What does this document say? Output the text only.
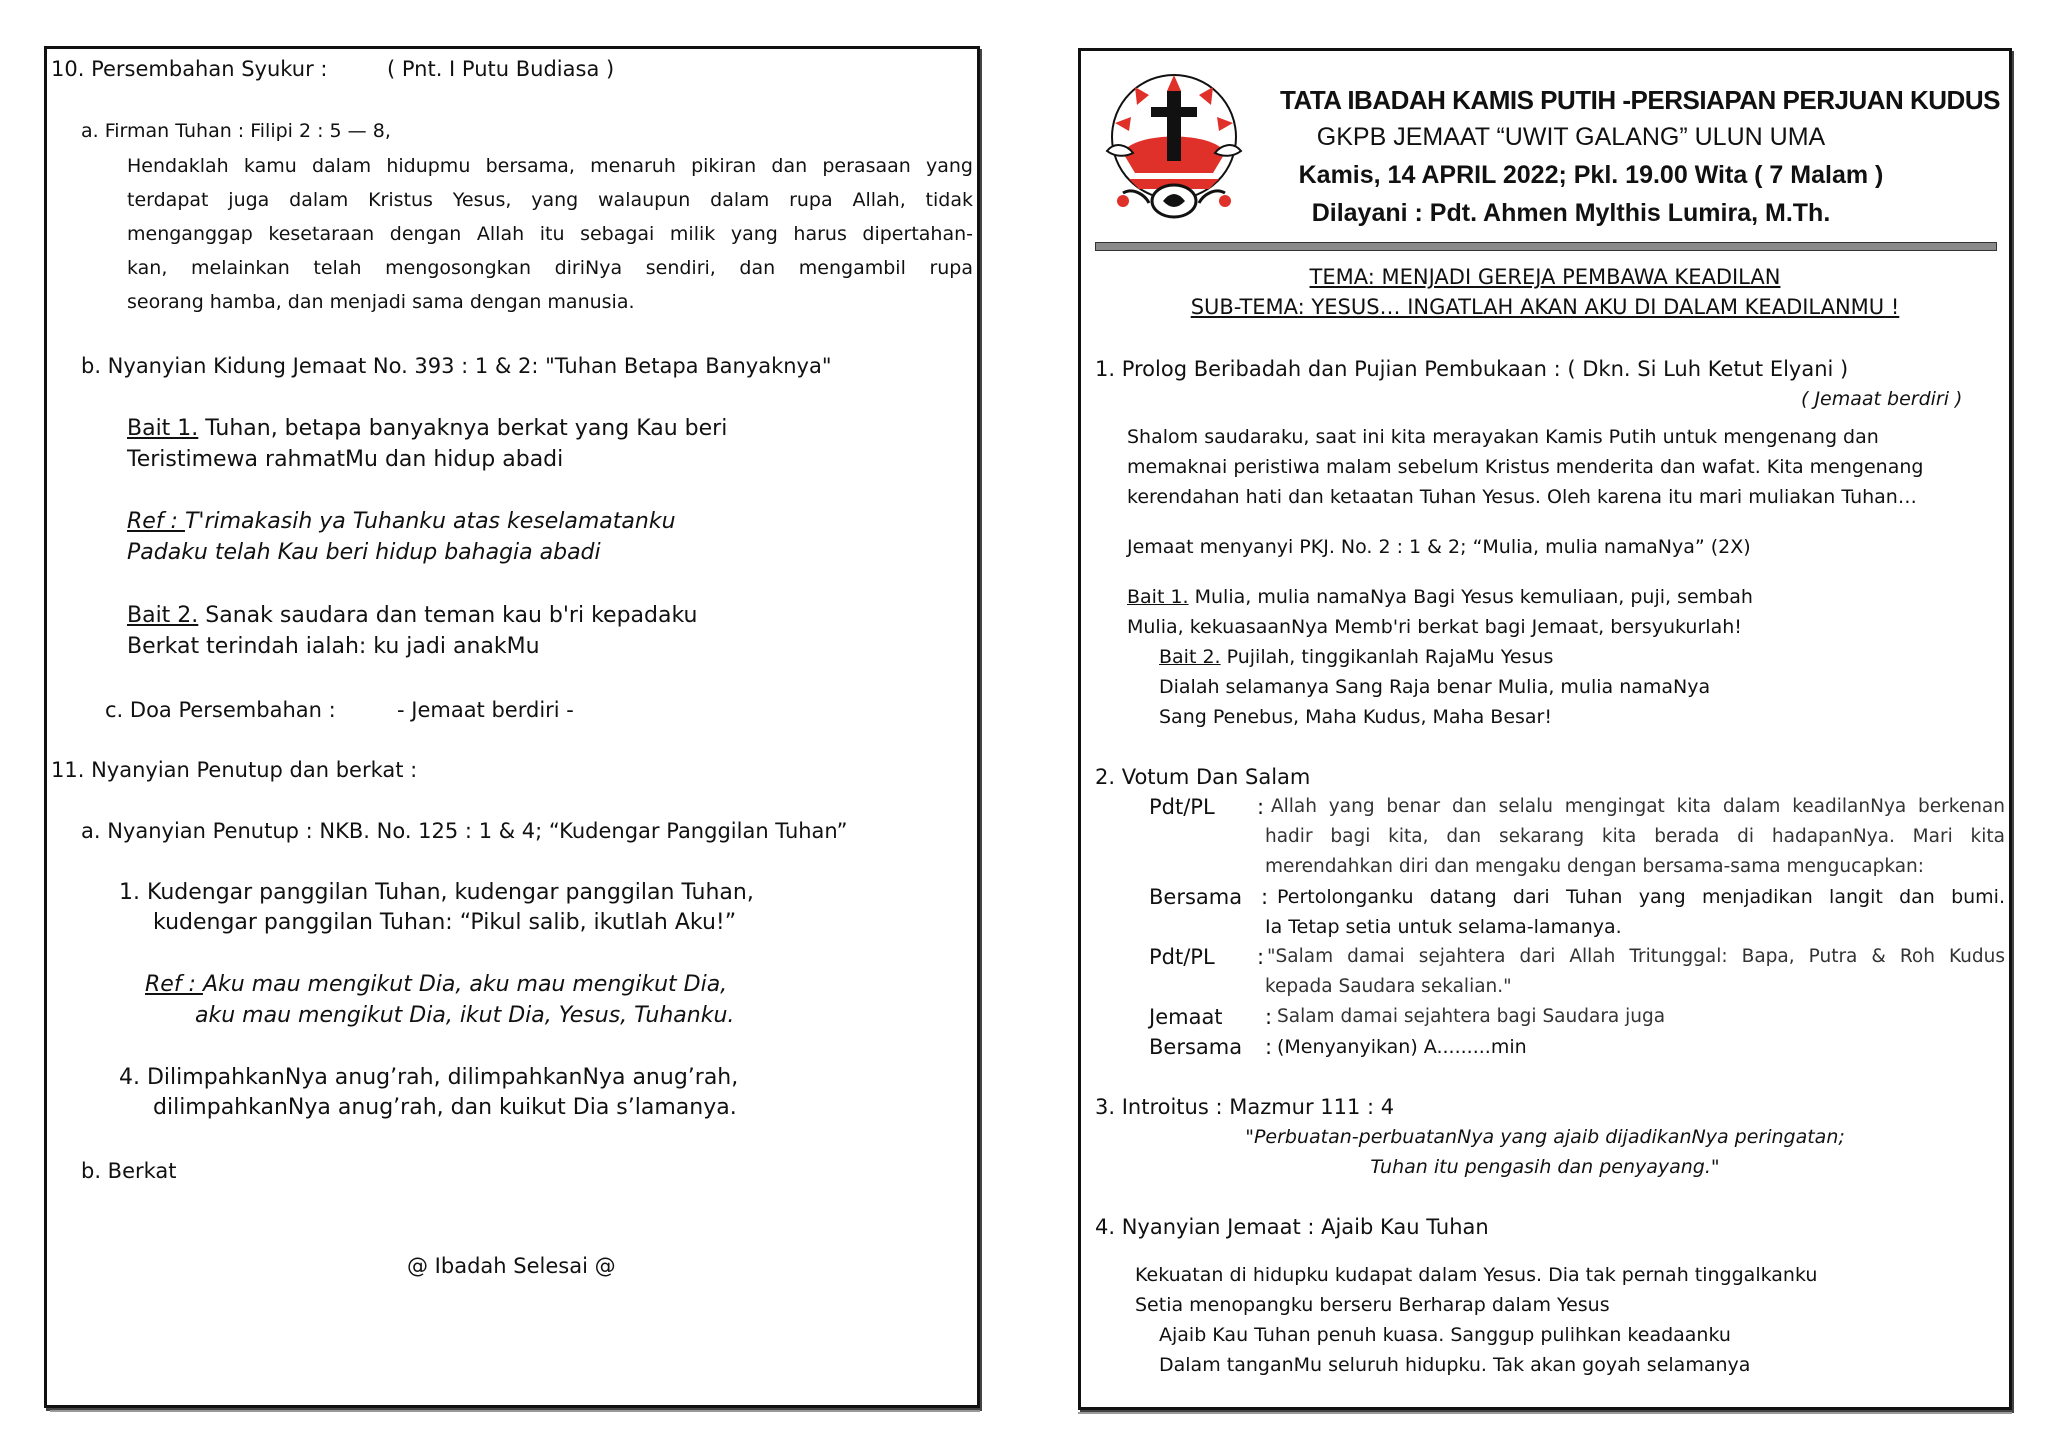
10. Persembahan Syukur :	( Pnt. I Putu Budiasa )
a. Firman Tuhan : Filipi 2 : 5 — 8,
Hendaklah kamu dalam hidupmu bersama, menaruh pikiran dan perasaan yang
terdapat juga dalam Kristus Yesus, yang walaupun dalam rupa Allah, tidak
menganggap kesetaraan dengan Allah itu sebagai milik yang harus dipertahan-
kan, melainkan telah mengosongkan diriNya sendiri, dan mengambil rupa
seorang hamba, dan menjadi sama dengan manusia.
b. Nyanyian Kidung Jemaat No. 393 : 1 & 2: "Tuhan Betapa Banyaknya"
Bait 1. Tuhan, betapa banyaknya berkat yang Kau beri
Teristimewa rahmatMu dan hidup abadi
Ref : T'rimakasih ya Tuhanku atas keselamatanku
Padaku telah Kau beri hidup bahagia abadi
Bait 2. Sanak saudara dan teman kau b'ri kepadaku
Berkat terindah ialah: ku jadi anakMu
c. Doa Persembahan :	- Jemaat berdiri -
11. Nyanyian Penutup dan berkat :
a. Nyanyian Penutup : NKB. No. 125 : 1 & 4; “Kudengar Panggilan Tuhan”
1. Kudengar panggilan Tuhan, kudengar panggilan Tuhan,
kudengar panggilan Tuhan: “Pikul salib, ikutlah Aku!”
Ref : Aku mau mengikut Dia, aku mau mengikut Dia,
aku mau mengikut Dia, ikut Dia, Yesus, Tuhanku.
4. DilimpahkanNya anug’rah, dilimpahkanNya anug’rah,
dilimpahkanNya anug’rah, dan kuikut Dia s’lamanya.
b. Berkat
@ Ibadah Selesai @
TATA IBADAH KAMIS PUTIH -PERSIAPAN PERJUAN KUDUS
GKPB JEMAAT “UWIT GALANG” ULUN UMA
Kamis, 14 APRIL 2022; Pkl. 19.00 Wita ( 7 Malam )
Dilayani : Pdt. Ahmen Mylthis Lumira, M.Th.
TEMA: MENJADI GEREJA PEMBAWA KEADILAN
SUB-TEMA: YESUS… INGATLAH AKAN AKU DI DALAM KEADILANMU !
1. Prolog Beribadah dan Pujian Pembukaan : ( Dkn. Si Luh Ketut Elyani )
( Jemaat berdiri )
Shalom saudaraku, saat ini kita merayakan Kamis Putih untuk mengenang dan
memaknai peristiwa malam sebelum Kristus menderita dan wafat. Kita mengenang
kerendahan hati dan ketaatan Tuhan Yesus. Oleh karena itu mari muliakan Tuhan…
Jemaat menyanyi PKJ. No. 2 : 1 & 2; “Mulia, mulia namaNya” (2X)
Bait 1. Mulia, mulia namaNya Bagi Yesus kemuliaan, puji, sembah
Mulia, kekuasaanNya Memb'ri berkat bagi Jemaat, bersyukurlah!
Bait 2. Pujilah, tinggikanlah RajaMu Yesus
Dialah selamanya Sang Raja benar Mulia, mulia namaNya
Sang Penebus, Maha Kudus, Maha Besar!
2. Votum Dan Salam
Pdt/PL : Allah yang benar dan selalu mengingat kita dalam keadilanNya berkenan
hadir bagi kita, dan sekarang kita berada di hadapanNya. Mari kita
merendahkan diri dan mengaku dengan bersama-sama mengucapkan:
Bersama : Pertolonganku datang dari Tuhan yang menjadikan langit dan bumi.
Ia Tetap setia untuk selama-lamanya.
Pdt/PL : "Salam damai sejahtera dari Allah Tritunggal: Bapa, Putra & Roh Kudus
kepada Saudara sekalian."
Jemaat : Salam damai sejahtera bagi Saudara juga
Bersama : (Menyanyikan) A.........min
3. Introitus : Mazmur 111 : 4
"Perbuatan-perbuatanNya yang ajaib dijadikanNya peringatan;
Tuhan itu pengasih dan penyayang."
4. Nyanyian Jemaat : Ajaib Kau Tuhan
Kekuatan di hidupku kudapat dalam Yesus. Dia tak pernah tinggalkanku
Setia menopangku berseru Berharap dalam Yesus
Ajaib Kau Tuhan penuh kuasa. Sanggup pulihkan keadaanku
Dalam tanganMu seluruh hidupku. Tak akan goyah selamanya
